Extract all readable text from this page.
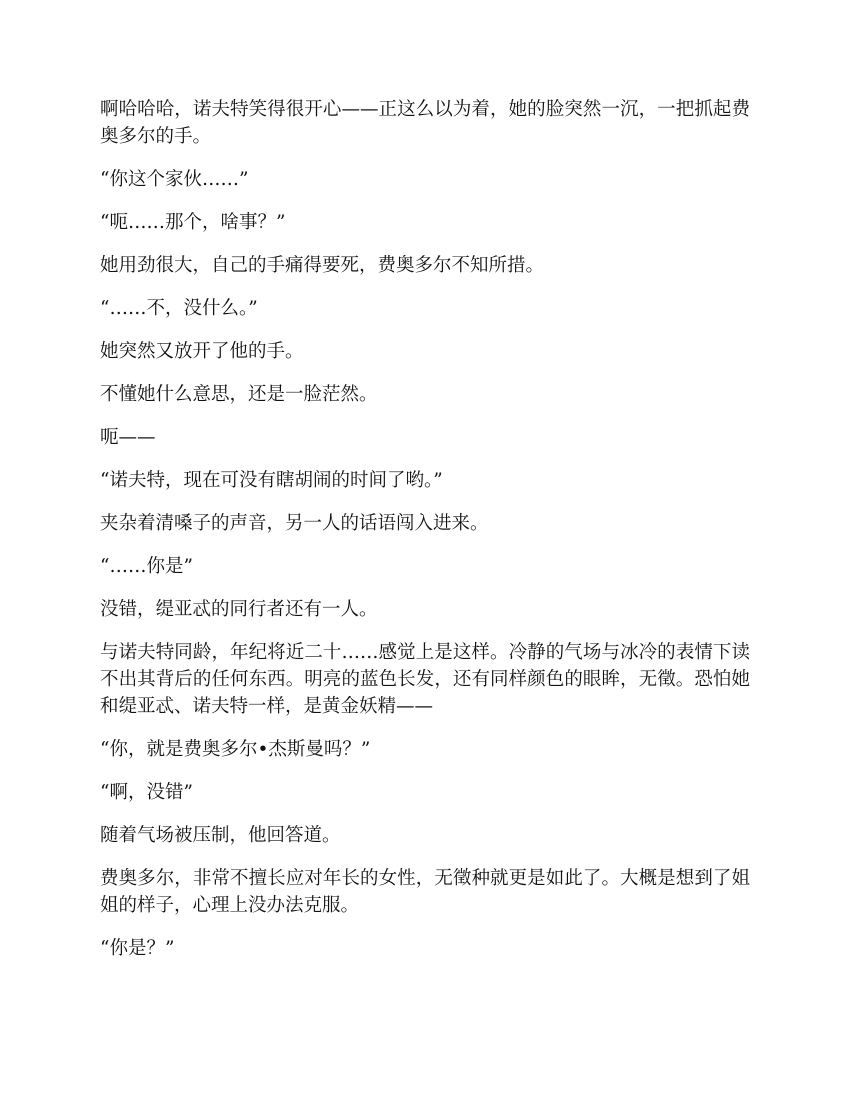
啊哈哈哈，诺夫特笑得很开心——正这么以为着，她的脸突然一沉，一把抓起费奥多尔的手。

“你这个家伙……”

“呃……那个，啥事？”

她用劲很大，自己的手痛得要死，费奥多尔不知所措。

“……不，没什么。”

她突然又放开了他的手。

不懂她什么意思，还是一脸茫然。

呃——

“诺夫特，现在可没有瞎胡闹的时间了哟。”

夹杂着清嗓子的声音，另一人的话语闯入进来。

“……你是”

没错，缇亚忒的同行者还有一人。

与诺夫特同龄，年纪将近二十……感觉上是这样。冷静的气场与冰冷的表情下读不出其背后的任何东西。明亮的蓝色长发，还有同样颜色的眼眸，无徵。恐怕她和缇亚忒、诺夫特一样，是黄金妖精——

“你，就是费奥多尔•杰斯曼吗？”

“啊，没错”

随着气场被压制，他回答道。

费奥多尔，非常不擅长应对年长的女性，无徵种就更是如此了。大概是想到了姐姐的样子，心理上没办法克服。

“你是？”
